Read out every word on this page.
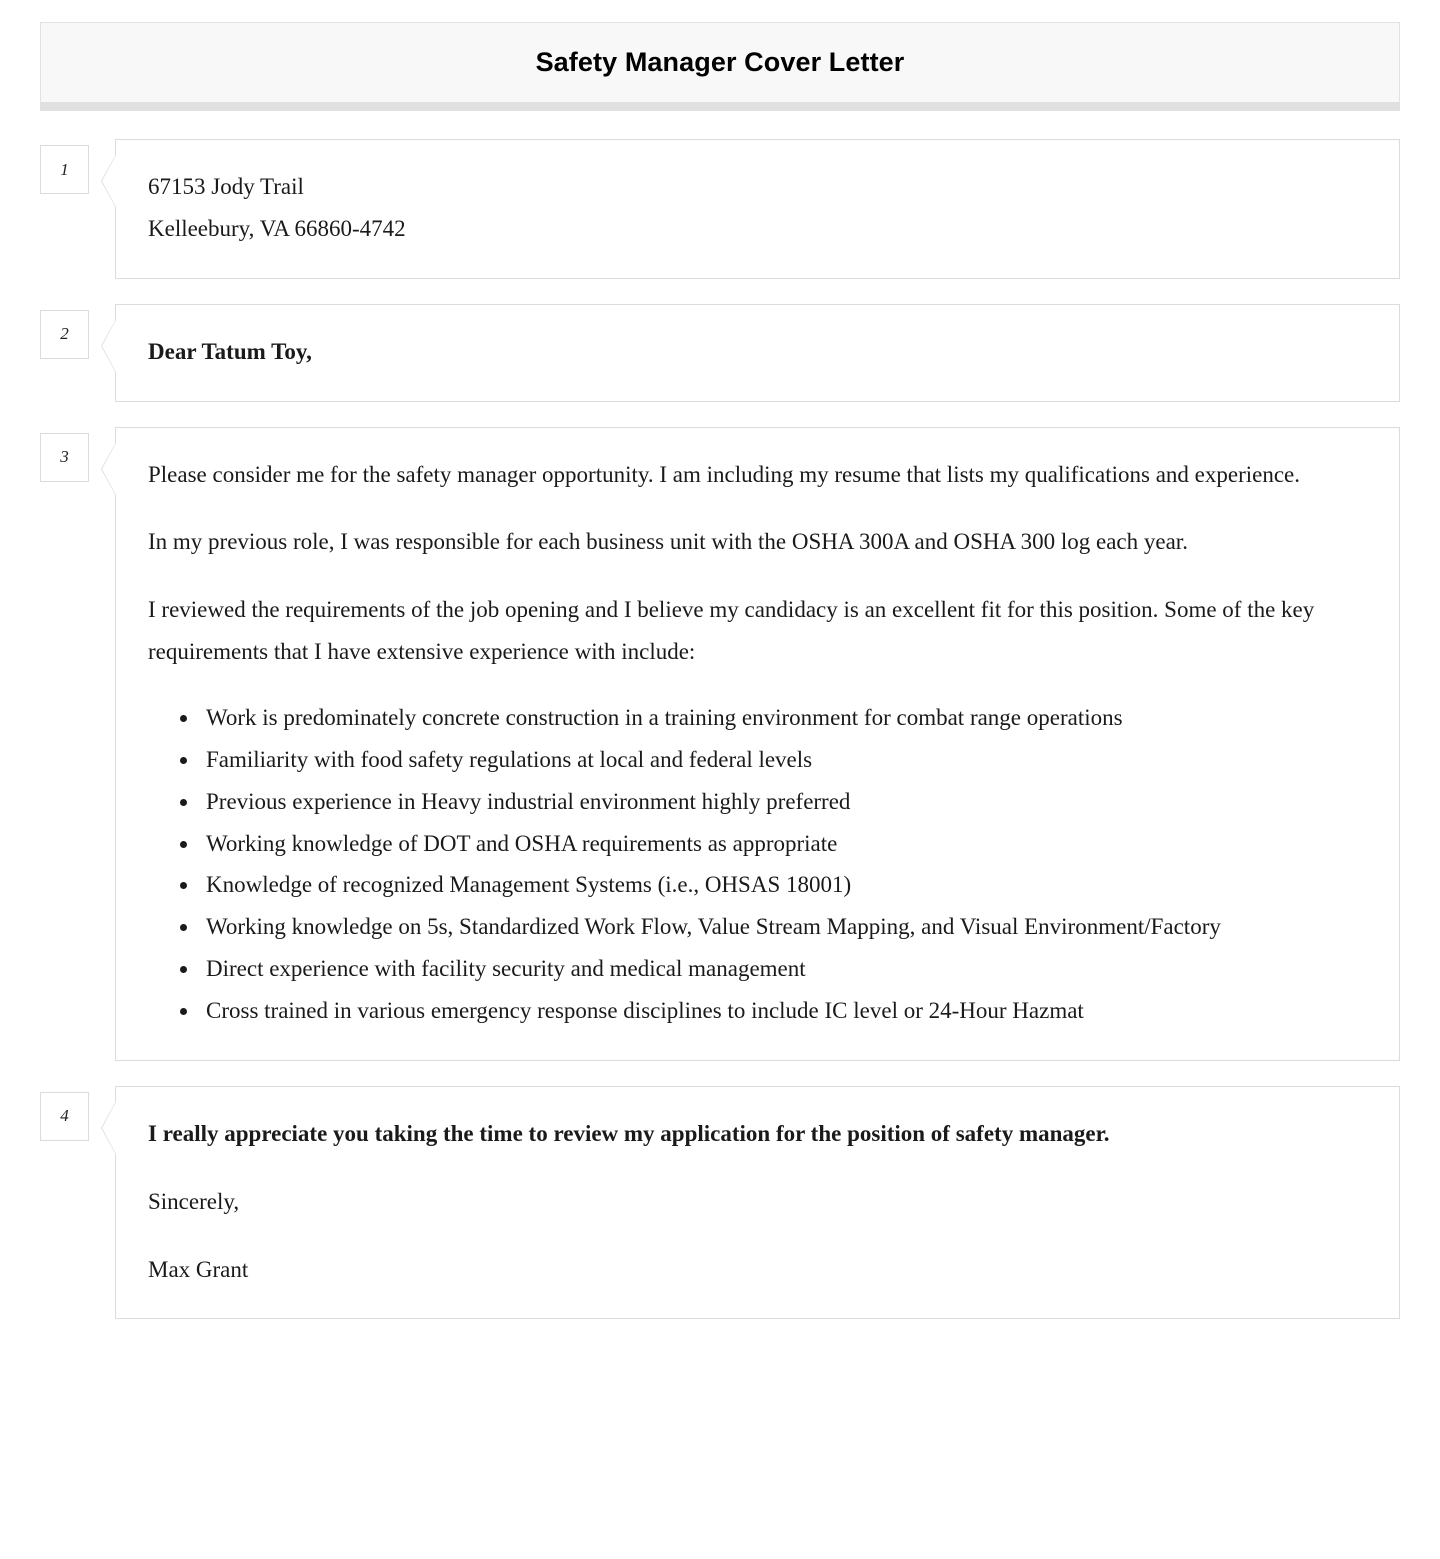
Safety Manager Cover Letter
1

67153 Jody Trail

Kelleebury, VA 66860-4742

2

Dear Tatum Toy,

3

Please consider me for the safety manager opportunity. I am including my resume that lists my qualifications and experience.

In my previous role, I was responsible for each business unit with the OSHA 300A and OSHA 300 log each year.

I reviewed the requirements of the job opening and I believe my candidacy is an excellent fit for this position. Some of the key requirements that I have extensive experience with include:

• Work is predominately concrete construction in a training environment for combat range operations
• Familiarity with food safety regulations at local and federal levels
• Previous experience in Heavy industrial environment highly preferred
• Working knowledge of DOT and OSHA requirements as appropriate
• Knowledge of recognized Management Systems (i.e., OHSAS 18001)
• Working knowledge on 5s, Standardized Work Flow, Value Stream Mapping, and Visual Environment/Factory
• Direct experience with facility security and medical management
• Cross trained in various emergency response disciplines to include IC level or 24-Hour Hazmat
4

I really appreciate you taking the time to review my application for the position of safety manager.

Sincerely,

Max Grant
